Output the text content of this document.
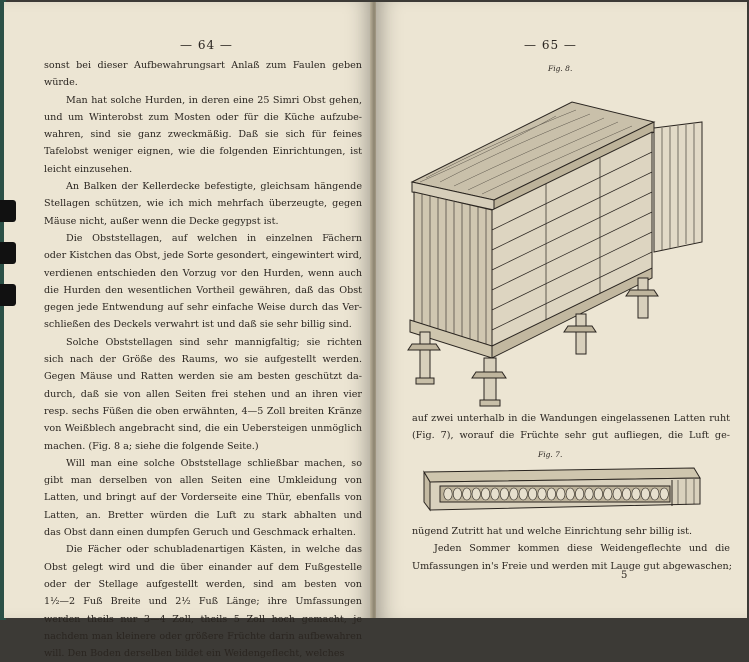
— 64 —
sonst bei dieser Aufbewahrungsart Anlaß zum Faulen geben
würde.
Man hat solche Hurden, in deren eine 25 Simri Obst gehen,
und um Winterobst zum Mosten oder für die Küche aufzube-
wahren, sind sie ganz zweckmäßig. Daß sie sich für feines
Tafelobst weniger eignen, wie die folgenden Einrichtungen, ist
leicht einzusehen.
An Balken der Kellerdecke befestigte, gleichsam hängende
Stellagen schützen, wie ich mich mehrfach überzeugte, gegen
Mäuse nicht, außer wenn die Decke gegypst ist.
Die Obststellagen, auf welchen in einzelnen Fächern
oder Kistchen das Obst, jede Sorte gesondert, eingewintert wird,
verdienen entschieden den Vorzug vor den Hurden, wenn auch
die Hurden den wesentlichen Vortheil gewähren, daß das Obst
gegen jede Entwendung auf sehr einfache Weise durch das Ver-
schließen des Deckels verwahrt ist und daß sie sehr billig sind.
Solche Obststellagen sind sehr mannigfaltig; sie richten
sich nach der Größe des Raums, wo sie aufgestellt werden.
Gegen Mäuse und Ratten werden sie am besten geschützt da-
durch, daß sie von allen Seiten frei stehen und an ihren vier
resp. sechs Füßen die oben erwähnten, 4—5 Zoll breiten Kränze
von Weißblech angebracht sind, die ein Uebersteigen unmöglich
machen. (Fig. 8 a; siehe die folgende Seite.)
Will man eine solche Obststellage schließbar machen, so
gibt man derselben von allen Seiten eine Umkleidung von
Latten, und bringt auf der Vorderseite eine Thür, ebenfalls von
Latten, an. Bretter würden die Luft zu stark abhalten und
das Obst dann einen dumpfen Geruch und Geschmack erhalten.
Die Fächer oder schubladenartigen Kästen, in welche das
Obst gelegt wird und die über einander auf dem Fußgestelle
oder der Stellage aufgestellt werden, sind am besten von
1½—2 Fuß Breite und 2½ Fuß Länge; ihre Umfassungen
werden theils nur 3—4 Zoll, theils 5 Zoll hoch gemacht, je
nachdem man kleinere oder größere Früchte darin aufbewahren
will. Den Boden derselben bildet ein Weidengeflecht, welches
— 65 —
Fig. 8.
auf zwei unterhalb in die Wandungen eingelassenen Latten ruht
(Fig. 7), worauf die Früchte sehr gut aufliegen, die Luft ge-
Fig. 7.
nügend Zutritt hat und welche Einrichtung sehr billig ist.
Jeden Sommer kommen diese Weidengeflechte und die
Umfassungen in's Freie und werden mit Lauge gut abgewaschen;
5
